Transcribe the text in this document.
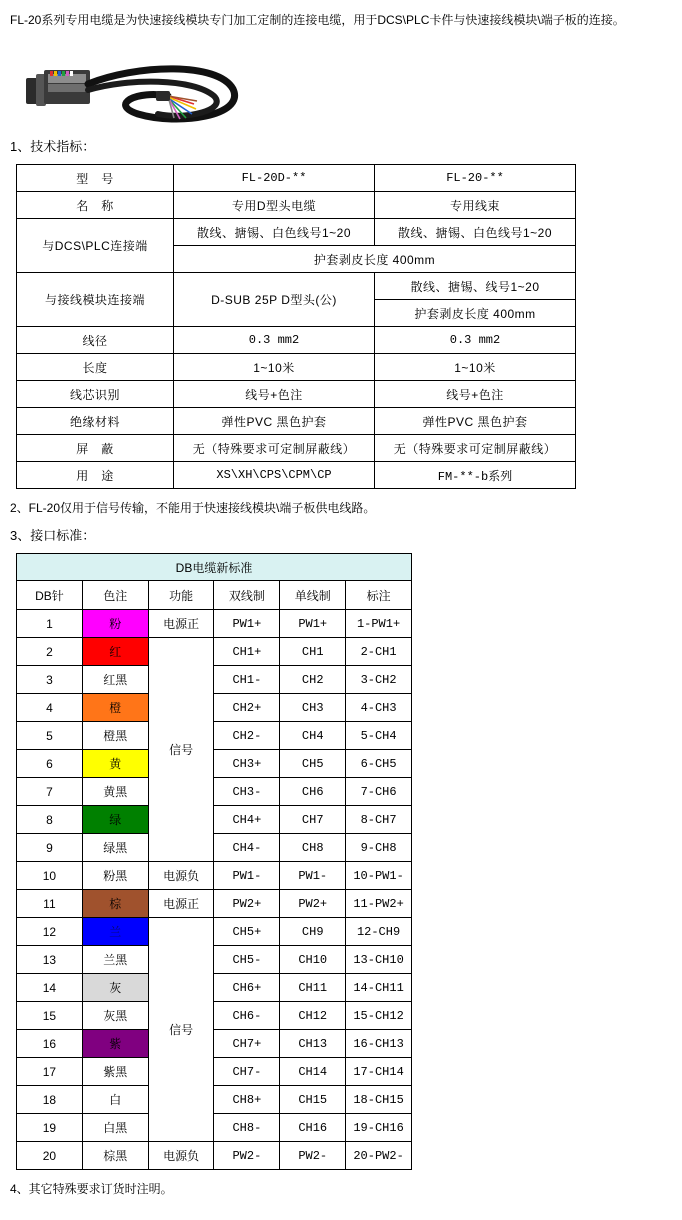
FL-20系列专用电缆是为快速接线模块专门加工定制的连接电缆，用于DCS\PLC卡件与快速接线模块\端子板的连接。
1、技术指标：
型　号	FL-20D-**	FL-20-**
名　称	专用D型头电缆	专用线束
与DCS\PLC连接端	散线、搪锡、白色线号1~20	散线、搪锡、白色线号1~20
	护套剥皮长度 400mm	
与接线模块连接端	D-SUB 25P D型头(公)	散线、搪锡、线号1~20
		护套剥皮长度 400mm
线径	0.3 mm2	0.3 mm2
长度	1~10米	1~10米
线芯识别	线号+色注	线号+色注
绝缘材料	弹性PVC 黑色护套	弹性PVC 黑色护套
屏　蔽	无（特殊要求可定制屏蔽线）	无（特殊要求可定制屏蔽线）
用　途	XS\XH\CPS\CPM\CP	FM-**-b系列
2、FL-20仅用于信号传输，不能用于快速接线模块\端子板供电线路。
3、接口标准：
DB电缆新标准					
DB针	色注	功能	双线制	单线制	标注
1	粉	电源正	PW1+	PW1+	1-PW1+
2	红	信号	CH1+	CH1	2-CH1
3	红黑		CH1-	CH2	3-CH2
4	橙		CH2+	CH3	4-CH3
5	橙黑		CH2-	CH4	5-CH4
6	黄		CH3+	CH5	6-CH5
7	黄黑		CH3-	CH6	7-CH6
8	绿		CH4+	CH7	8-CH7
9	绿黑		CH4-	CH8	9-CH8
10	粉黑	电源负	PW1-	PW1-	10-PW1-
11	棕	电源正	PW2+	PW2+	11-PW2+
12	兰	信号	CH5+	CH9	12-CH9
13	兰黑		CH5-	CH10	13-CH10
14	灰		CH6+	CH11	14-CH11
15	灰黑		CH6-	CH12	15-CH12
16	紫		CH7+	CH13	16-CH13
17	紫黑		CH7-	CH14	17-CH14
18	白		CH8+	CH15	18-CH15
19	白黑		CH8-	CH16	19-CH16
20	棕黑	电源负	PW2-	PW2-	20-PW2-
4、其它特殊要求订货时注明。
